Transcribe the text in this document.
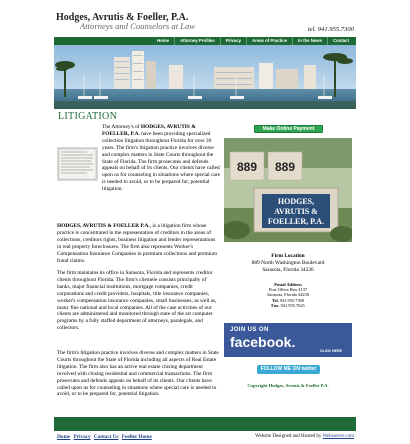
Hodges, Avrutis & Foeller, P.A.
Attorneys and Counselors at Law	tel. 941.955.7300
Home	Attorney Profiles	Privacy	Areas of Practice	In the News	Contact
LITIGATION
The Attorney's of HODGES, AVRUTIS & FOELLER, P.A. have been providing specialized collection litigation throughout Florida for over 30 years. The firm's litigation practice involves diverse and complex matters in State Courts throughout the State of Florida. The firm prosecutes and defends appeals on behalf of its clients. Our clients have called upon us for counseling in situations where special care is needed to avoid, or to be prepared for, potential litigation.
HODGES, AVRUTIS & FOELLER P.A., is a litigation firm whose practice is concentrated in the representation of creditors in the areas of collections, creditors rights, business litigation and lender representations in real property foreclosures. The firm also represents Worker's Compensation Insurance Companies in premium collections and premium fraud claims.
The firm maintains its office in Sarasota, Florida and represents creditor clients throughout Florida. The firm's clientele consists principally of banks, major financial institutions, mortgage companies, credit corporations and credit providers, hospitals, title insurance companies, worker's compensation insurance companies, small businesses, as well as, many fine national and local companies. All of the case activities of our clients are administered and monitored through state of the art computer programs by a fully staffed department of attorneys, paralegals, and collectors.
The firm's litigation practice involves diverse and complex matters in State Courts throughout the State of Florida including all aspects of Real Estate litigation. The firm also has an active real estate closing department involved with closing residential and commercial transactions. The firm prosecutes and defends appeals on behalf of its clients. Our clients have called upon us for counseling in situations where special care is needed to avoid, or to be prepared for, potential litigation.
Make Online Payment
889 889
HODGES,
AVRUTIS &
FOELLER, P.A.
Firm Location
889 North Washington Boulevard
Sarasota, Florida 34236
Postal Address
Post Office Box 4137
Sarasota, Florida 34230
Tel. 941.955.7300
Fax. 941.955.7625
JOIN US ON
facebook.
CLICK HERE
FOLLOW ME ON twitter
Copyright Hodges, Avrutis & Foeller P.A.
Home Privacy Contact Us Foeller Home	Website Designed and Hosted by Websavers.com
